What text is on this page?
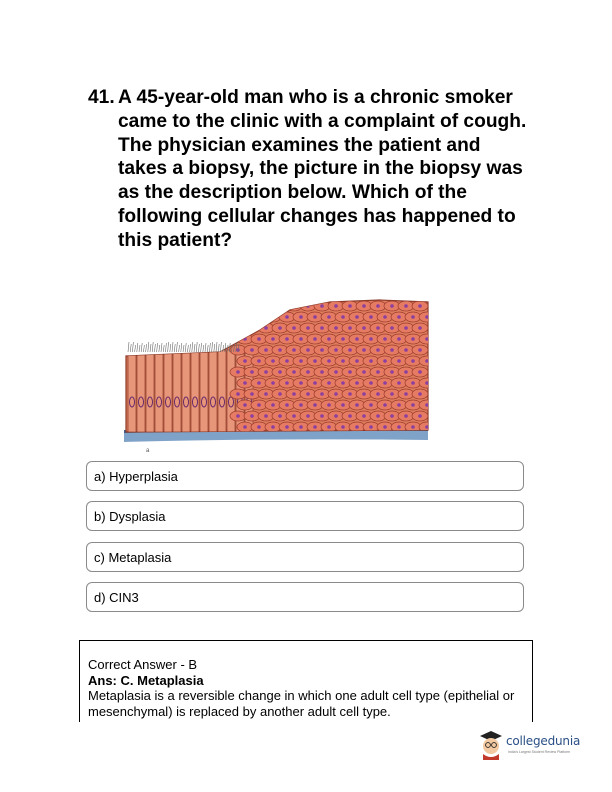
41. A 45-year-old man who is a chronic smoker came to the clinic with a complaint of cough. The physician examines the patient and takes a biopsy, the picture in the biopsy was as the description below. Which of the following cellular changes has happened to this patient?
a
a) Hyperplasia
b) Dysplasia
c) Metaplasia
d) CIN3
Correct Answer - B
Ans: C. Metaplasia
Metaplasia is a reversible change in which one adult cell type (epithelial or mesenchymal) is replaced by another adult cell type.
collegedunia
India's Largest Student Review Platform
